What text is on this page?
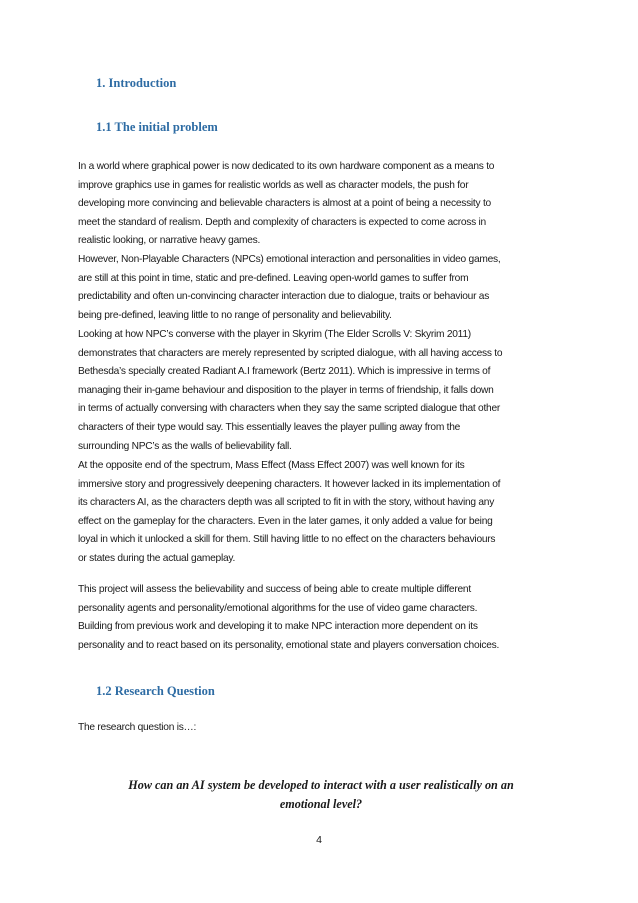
1. Introduction
1.1 The initial problem

In a world where graphical power is now dedicated to its own hardware component as a means to
improve graphics use in games for realistic worlds as well as character models, the push for
developing more convincing and believable characters is almost at a point of being a necessity to
meet the standard of realism. Depth and complexity of characters is expected to come across in
realistic looking, or narrative heavy games.

However, Non-Playable Characters (NPCs) emotional interaction and personalities in video games,
are still at this point in time, static and pre-defined. Leaving open-world games to suffer from
predictability and often un-convincing character interaction due to dialogue, traits or behaviour as
being pre-defined, leaving little to no range of personality and believability.

Looking at how NPC’s converse with the player in Skyrim (The Elder Scrolls V: Skyrim 2011)
demonstrates that characters are merely represented by scripted dialogue, with all having access to
Bethesda’s specially created Radiant A.I framework (Bertz 2011). Which is impressive in terms of
managing their in-game behaviour and disposition to the player in terms of friendship, it falls down
in terms of actually conversing with characters when they say the same scripted dialogue that other
characters of their type would say. This essentially leaves the player pulling away from the
surrounding NPC’s as the walls of believability fall.

At the opposite end of the spectrum, Mass Effect (Mass Effect 2007) was well known for its
immersive story and progressively deepening characters. It however lacked in its implementation of
its characters AI, as the characters depth was all scripted to fit in with the story, without having any
effect on the gameplay for the characters. Even in the later games, it only added a value for being
loyal in which it unlocked a skill for them. Still having little to no effect on the characters behaviours
or states during the actual gameplay.

This project will assess the believability and success of being able to create multiple different
personality agents and personality/emotional algorithms for the use of video game characters.
Building from previous work and developing it to make NPC interaction more dependent on its
personality and to react based on its personality, emotional state and players conversation choices.

1.2 Research Question

The research question is…:

How can an AI system be developed to interact with a user realistically on an
emotional level?
4
